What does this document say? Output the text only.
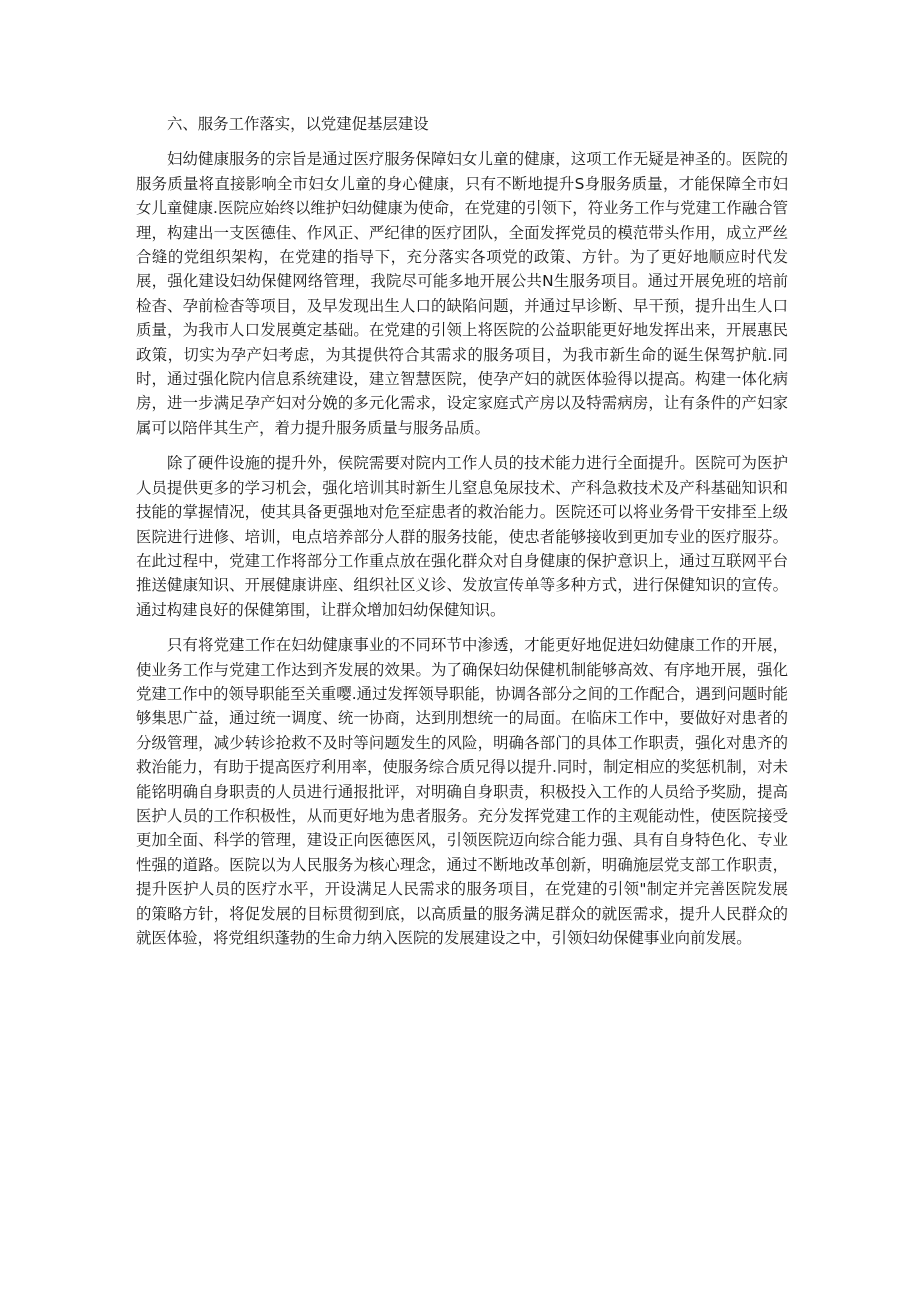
六、服务工作落实，以党建促基层建设

妇幼健康服务的宗旨是通过医疗服务保障妇女儿童的健康，这项工作无疑是神圣的。医院的服务质量将直接影响全市妇女儿童的身心健康，只有不断地提升S身服务质量，才能保障全市妇女儿童健康.医院应始终以维护妇幼健康为使命，在党建的引领下，符业务工作与党建工作融合管理，构建出一支医德佳、作风正、严纪律的医疗团队，全面发挥党员的模范带头作用，成立严丝合缝的党组织架构，在党建的指导下，充分落实各项党的政策、方针。为了更好地顺应时代发展，强化建设妇幼保健网络管理，我院尽可能多地开展公共N生服务项目。通过开展免班的培前检杳、孕前检杳等项目，及早发现出生人口的缺陷问题，并通过早诊断、早干预，提升出生人口质量，为我市人口发展奠定基础。在党建的引领上将医院的公益职能更好地发挥出来，开展惠民政策，切实为孕产妇考虑，为其提供符合其需求的服务项目，为我市新生命的诞生保驾护航.同时，通过强化院内信息系统建设，建立智慧医院，使孕产妇的就医体验得以提高。构建一体化病房，进一步满足孕产妇对分娩的多元化需求，设定家庭式产房以及特需病房，让有条件的产妇家属可以陪伴其生产，着力提升服务质量与服务品质。

除了硬件设施的提升外，侯院需要对院内工作人员的技术能力进行全面提升。医院可为医护人员提供更多的学习机会，强化培训其时新生儿窒息兔尿技术、产科急救技术及产科基础知识和技能的掌握情况，使其具备更强地对危至症患者的救治能力。医院还可以将业务骨干安排至上级医院进行进修、培训，电点培养部分人群的服务技能，使忠者能够接收到更加专业的医疗服芬。在此过程中，党建工作将部分工作重点放在强化群众对自身健康的保护意识上，通过互联网平台推送健康知识、开展健康讲座、组织社区义诊、发放宣传单等多种方式，进行保健知识的宣传。通过构建良好的保健第围，让群众增加妇幼保健知识。

只有将党建工作在妇幼健康事业的不同环节中渗透，才能更好地促进妇幼健康工作的开展，使业务工作与党建工作达到齐发展的效果。为了确保妇幼保健机制能够高效、有序地开展，强化党建工作中的领导职能至关重嘤.通过发挥领导职能，协调各部分之间的工作配合，遇到问题时能够集思广益，通过统一调度、统一协商，达到刖想统一的局面。在临床工作中，要做好对患者的分级管理，减少转诊抢救不及时等问题发生的风险，明确各部门的具体工作职责，强化对患齐的救治能力，有助于提高医疗利用率，使服务综合质兄得以提升.同时，制定相应的奖惩机制，对未能铭明确自身职责的人员进行通报批评，对明确自身职责，积极投入工作的人员给予奖励，提高医护人员的工作积极性，从而更好地为患者服务。充分发挥党建工作的主观能动性，使医院接受更加全面、科学的管理，建设正向医德医风，引领医院迈向综合能力强、具有自身特色化、专业性强的道路。医院以为人民服务为核心理念，通过不断地改革创新，明确施层党支部工作职责，提升医护人员的医疗水平，开设满足人民需求的服务项目，在党建的引领"制定并完善医院发展的策略方针，将促发展的目标贯彻到底，以高质量的服务满足群众的就医需求，提升人民群众的就医体验，将党组织蓬勃的生命力纳入医院的发展建设之中，引领妇幼保健事业向前发展。
